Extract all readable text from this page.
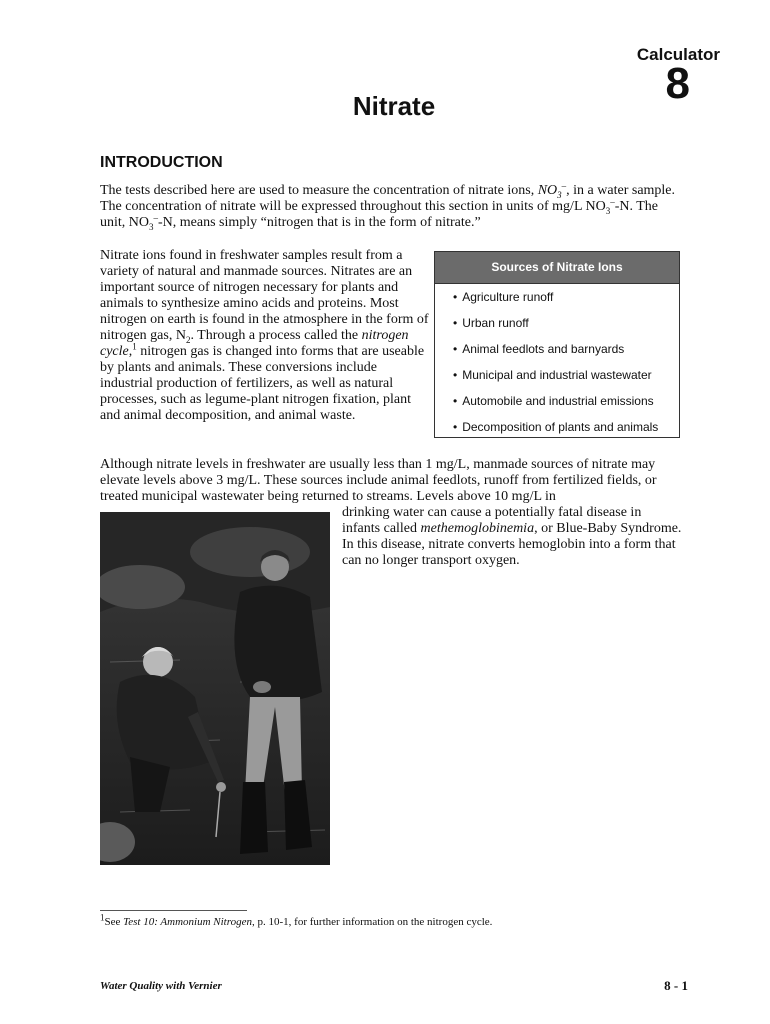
Calculator
8
Nitrate
INTRODUCTION

The tests described here are used to measure the concentration of nitrate ions, $NO_3^-$, in a water sample. The concentration of nitrate will be expressed throughout this section in units of mg/L $NO_3^--N$. The unit, $NO_3^--N$, means simply “nitrogen that is in the form of nitrate.”

Nitrate ions found in freshwater samples result from a variety of natural and manmade sources. Nitrates are an important source of nitrogen necessary for plants and animals to synthesize amino acids and proteins. Most nitrogen on earth is found in the atmosphere in the form of nitrogen gas, $N_2$. Through a process called the nitrogen cycle,$^1$ nitrogen gas is changed into forms that are useable by plants and animals. These conversions include industrial production of fertilizers, as well as natural processes, such as legume-plant nitrogen fixation, plant and animal decomposition, and animal waste.

Sources of Nitrate Ions
• Agriculture runoff
• Urban runoff
• Animal feedlots and barnyards
• Municipal and industrial wastewater
• Automobile and industrial emissions
• Decomposition of plants and animals

Although nitrate levels in freshwater are usually less than 1 mg/L, manmade sources of nitrate may elevate levels above 3 mg/L. These sources include animal feedlots, runoff from fertilized fields, or treated municipal wastewater being returned to streams. Levels above 10 mg/L in

drinking water can cause a potentially fatal disease in infants called methemoglobinemia, or Blue-Baby Syndrome. In this disease, nitrate converts hemoglobin into a form that can no longer transport oxygen.

$^1$See Test 10: Ammonium Nitrogen, p. 10-1, for further information on the nitrogen cycle.
Water Quality with Vernier	8 - 1
